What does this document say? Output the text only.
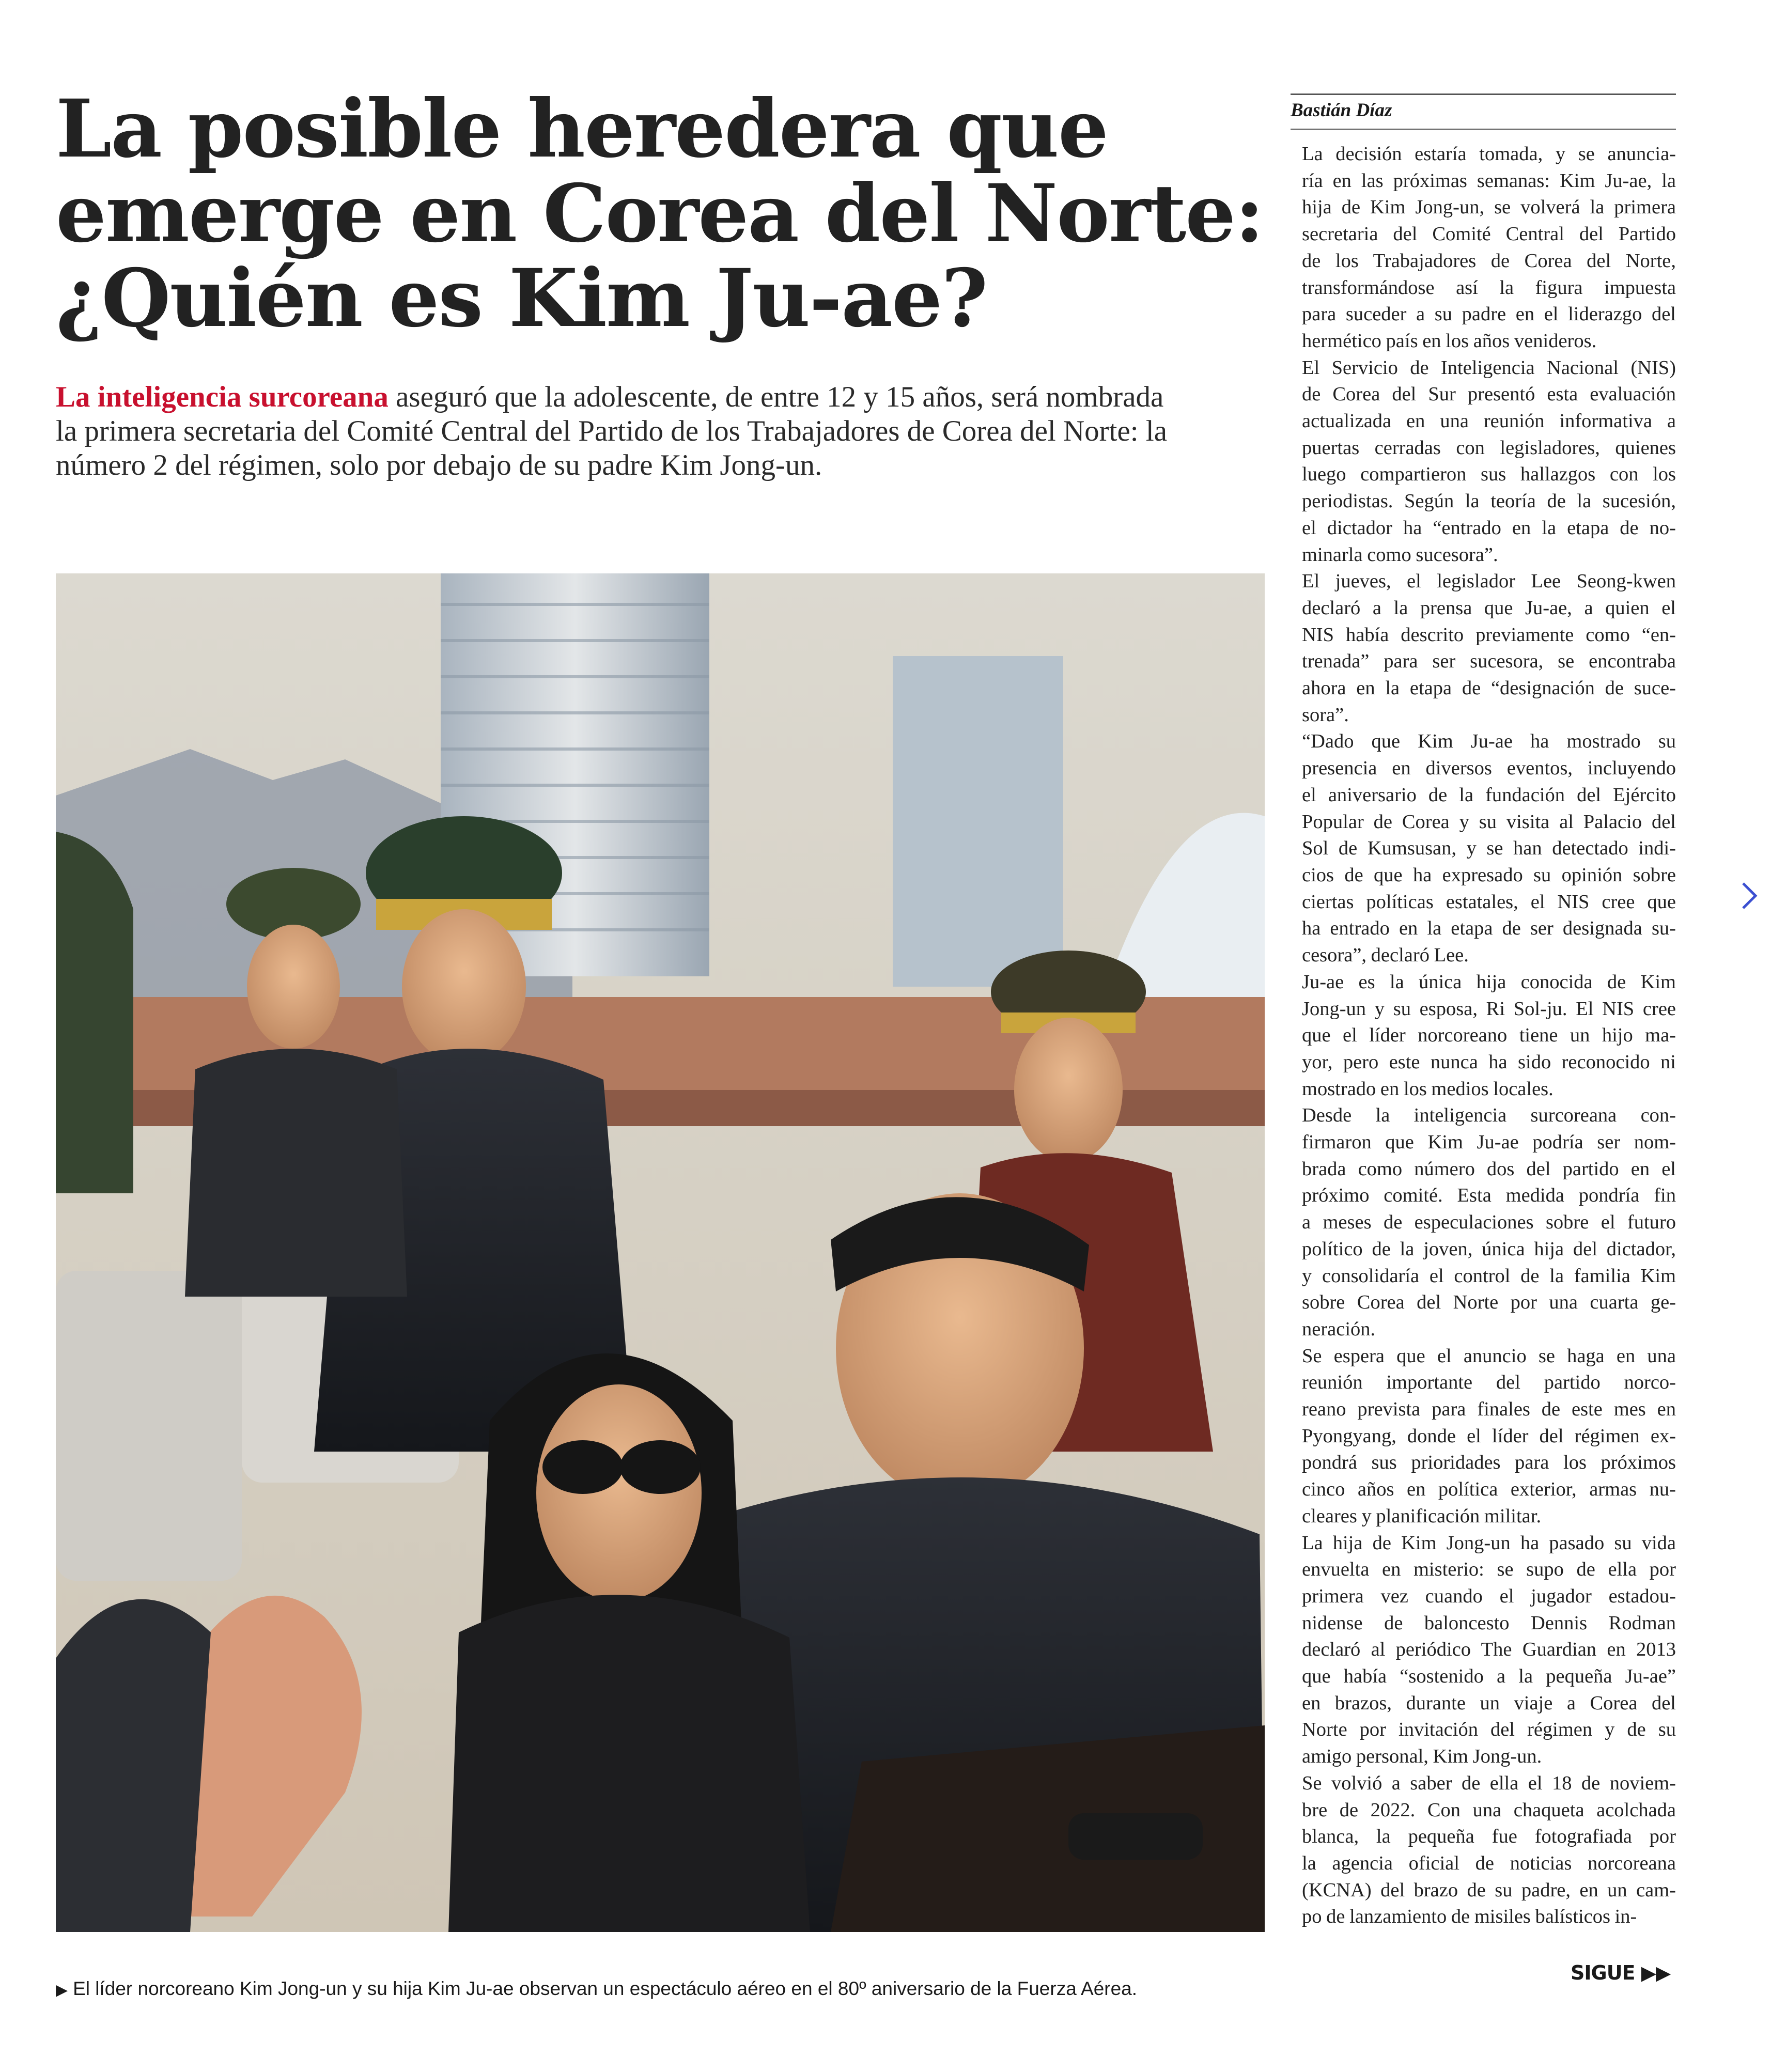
La posible heredera que
emerge en Corea del Norte:
¿Quién es Kim Ju-ae?

La inteligencia surcoreana aseguró que la adolescente, de entre 12 y 15 años, será nombrada
la primera secretaria del Comité Central del Partido de los Trabajadores de Corea del Norte: la
número 2 del régimen, solo por debajo de su padre Kim Jong-un.

▶ El líder norcoreano Kim Jong-un y su hija Kim Ju-ae observan un espectáculo aéreo en el 80º aniversario de la Fuerza Aérea.

Bastián Díaz

La decisión estaría tomada, y se anuncia-
ría en las próximas semanas: Kim Ju-ae, la
hija de Kim Jong-un, se volverá la primera
secretaria del Comité Central del Partido
de los Trabajadores de Corea del Norte,
transformándose así la figura impuesta
para suceder a su padre en el liderazgo del
hermético país en los años venideros.

El Servicio de Inteligencia Nacional (NIS)
de Corea del Sur presentó esta evaluación
actualizada en una reunión informativa a
puertas cerradas con legisladores, quienes
luego compartieron sus hallazgos con los
periodistas. Según la teoría de la sucesión,
el dictador ha “entrado en la etapa de no-
minarla como sucesora”.

El jueves, el legislador Lee Seong-kwen
declaró a la prensa que Ju-ae, a quien el
NIS había descrito previamente como “en-
trenada” para ser sucesora, se encontraba
ahora en la etapa de “designación de suce-
sora”.

“Dado que Kim Ju-ae ha mostrado su
presencia en diversos eventos, incluyendo
el aniversario de la fundación del Ejército
Popular de Corea y su visita al Palacio del
Sol de Kumsusan, y se han detectado indi-
cios de que ha expresado su opinión sobre
ciertas políticas estatales, el NIS cree que
ha entrado en la etapa de ser designada su-
cesora”, declaró Lee.

Ju-ae es la única hija conocida de Kim
Jong-un y su esposa, Ri Sol-ju. El NIS cree
que el líder norcoreano tiene un hijo ma-
yor, pero este nunca ha sido reconocido ni
mostrado en los medios locales.

Desde la inteligencia surcoreana con-
firmaron que Kim Ju-ae podría ser nom-
brada como número dos del partido en el
próximo comité. Esta medida pondría fin
a meses de especulaciones sobre el futuro
político de la joven, única hija del dictador,
y consolidaría el control de la familia Kim
sobre Corea del Norte por una cuarta ge-
neración.

Se espera que el anuncio se haga en una
reunión importante del partido norco-
reano prevista para finales de este mes en
Pyongyang, donde el líder del régimen ex-
pondrá sus prioridades para los próximos
cinco años en política exterior, armas nu-
cleares y planificación militar.

La hija de Kim Jong-un ha pasado su vida
envuelta en misterio: se supo de ella por
primera vez cuando el jugador estadou-
nidense de baloncesto Dennis Rodman
declaró al periódico The Guardian en 2013
que había “sostenido a la pequeña Ju-ae”
en brazos, durante un viaje a Corea del
Norte por invitación del régimen y de su
amigo personal, Kim Jong-un.

Se volvió a saber de ella el 18 de noviem-
bre de 2022. Con una chaqueta acolchada
blanca, la pequeña fue fotografiada por
la agencia oficial de noticias norcoreana
(KCNA) del brazo de su padre, en un cam-
po de lanzamiento de misiles balísticos in-

SIGUE ▶▶
